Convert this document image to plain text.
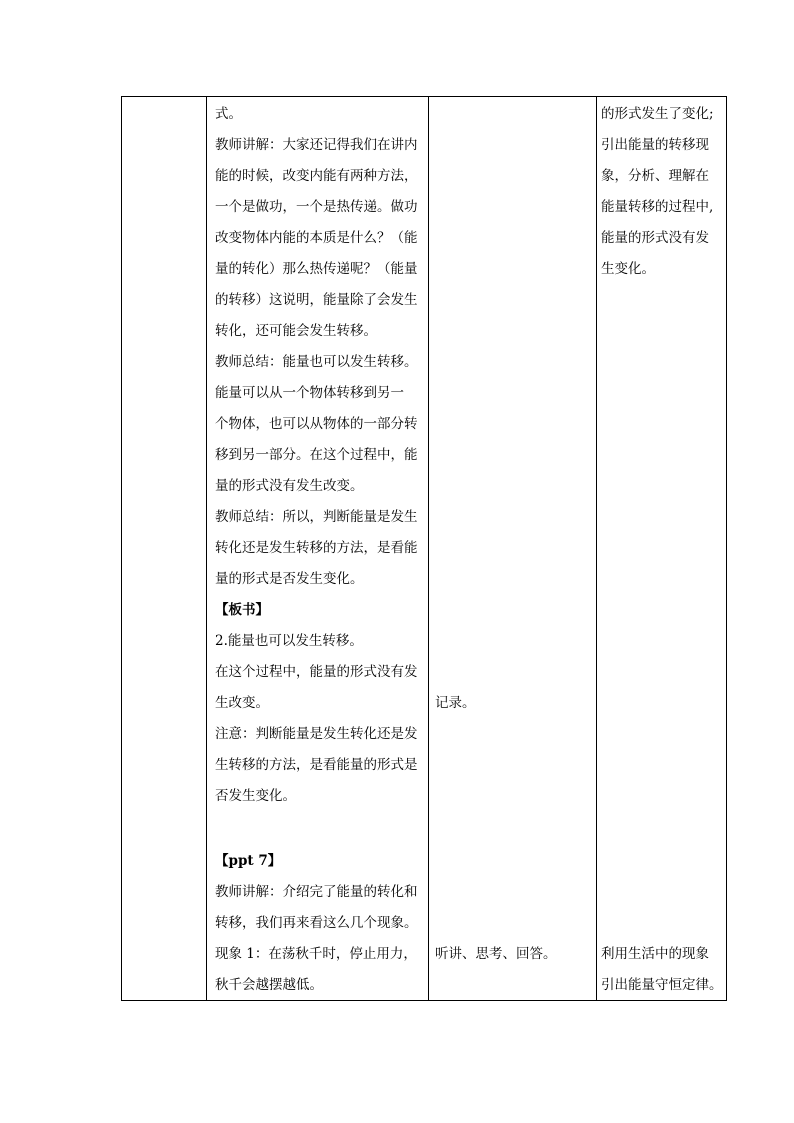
式。
教师讲解：大家还记得我们在讲内
能的时候，改变内能有两种方法，
一个是做功，一个是热传递。做功
改变物体内能的本质是什么？（能
量的转化）那么热传递呢？（能量
的转移）这说明，能量除了会发生
转化，还可能会发生转移。
教师总结：能量也可以发生转移。
能量可以从一个物体转移到另一
个物体，也可以从物体的一部分转
移到另一部分。在这个过程中，能
量的形式没有发生改变。
教师总结：所以，判断能量是发生
转化还是发生转移的方法，是看能
量的形式是否发生变化。
【板书】
2.能量也可以发生转移。
在这个过程中，能量的形式没有发
生改变。
注意：判断能量是发生转化还是发
生转移的方法，是看能量的形式是
否发生变化。
【ppt 7】
教师讲解：介绍完了能量的转化和
转移，我们再来看这么几个现象。
现象 1：在荡秋千时，停止用力，
秋千会越摆越低。
记录。
听讲、思考、回答。
的形式发生了变化;
引出能量的转移现
象，分析、理解在
能量转移的过程中,
能量的形式没有发
生变化。
利用生活中的现象
引出能量守恒定律。
